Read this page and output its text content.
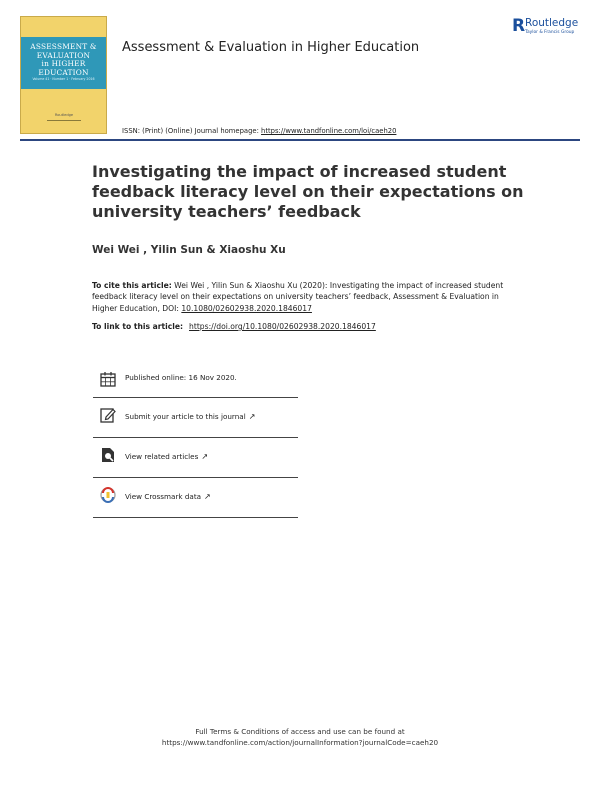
ASSESSMENT &
EVALUATION
in HIGHER
EDUCATION
Volume 41 · Number 1 · February 2016
Routledge
Assessment & Evaluation in Higher Education
R Routledge
Taylor & Francis Group
ISSN: (Print) (Online) Journal homepage: https://www.tandfonline.com/loi/caeh20
Investigating the impact of increased student feedback literacy level on their expectations on university teachers’ feedback
Wei Wei , Yilin Sun & Xiaoshu Xu
To cite this article: Wei Wei , Yilin Sun & Xiaoshu Xu (2020): Investigating the impact of increased student feedback literacy level on their expectations on university teachers’ feedback, Assessment & Evaluation in Higher Education, DOI: 10.1080/02602938.2020.1846017
To link to this article: https://doi.org/10.1080/02602938.2020.1846017
Published online: 16 Nov 2020.
Submit your article to this journal ↗
View related articles ↗
View Crossmark data ↗
Full Terms & Conditions of access and use can be found at
https://www.tandfonline.com/action/journalInformation?journalCode=caeh20
